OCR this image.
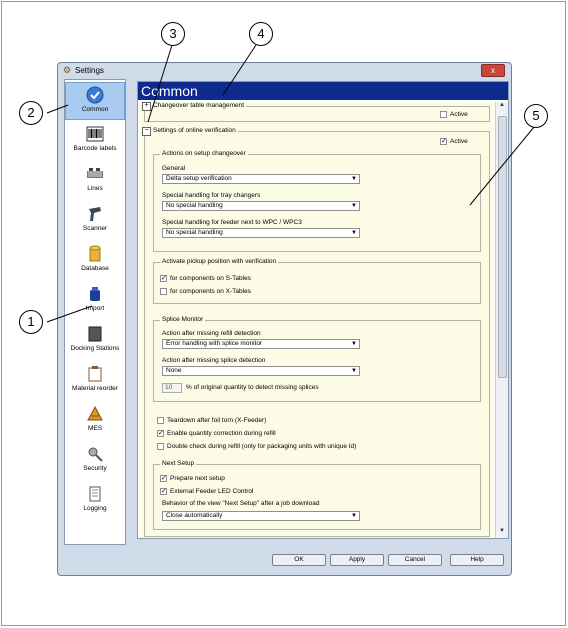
⚙ Settings	x
Common
Barcode labels
Lines
Scanner
Database
Import
Docking Stations
Material reorder
MES
Security
Logging
Common
+ Changeover table management
Active
− Settings of online verification
✓ Active
Actions on setup changeover
General
Delta setup verification	▼
Special handling for tray changers
No special handling	▼
Special handling for feeder next to WPC / WPC3
No special handling	▼
Activate pickup position with verification
✓ for components on S-Tables
for components on X-Tables
Splice Monitor
Action after missing refill detection
Error handling with splice monitor	▼
Action after missing splice detection
None	▼
10	% of original quantity to detect missing splices
Teardown after foil torn (X-Feeder)
✓ Enable quantity correction during refill
Double check during refill (only for packaging units with unique Id)
Next Setup
✓ Prepare next setup
✓ External Feeder LED Control
Behavior of the view "Next Setup" after a job download
Close automatically	▼
▲
▼
OK	Apply	Cancel	Help
1
2
3	4
5
